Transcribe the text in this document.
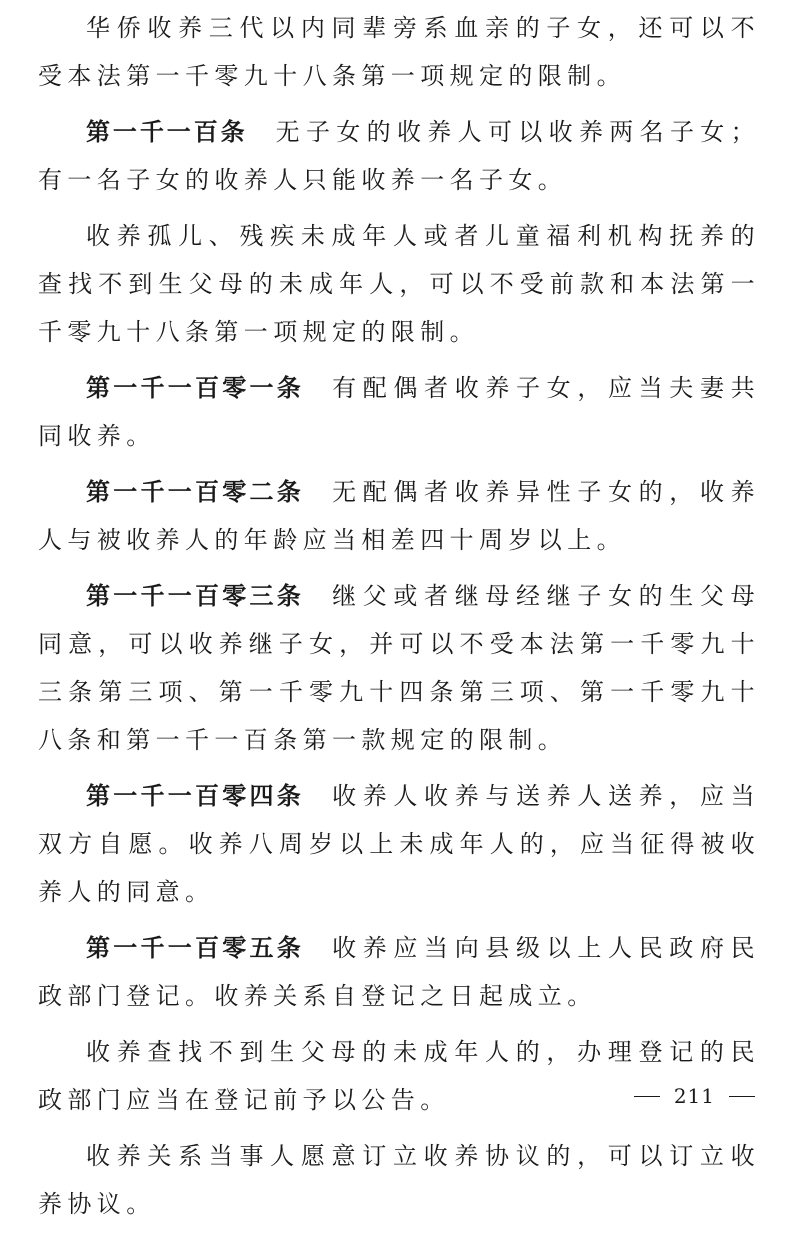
华侨收养三代以内同辈旁系血亲的子女，还可以不受本法第一千零九十八条第一项规定的限制。

第一千一百条 无子女的收养人可以收养两名子女；有一名子女的收养人只能收养一名子女。

收养孤儿、残疾未成年人或者儿童福利机构抚养的查找不到生父母的未成年人，可以不受前款和本法第一千零九十八条第一项规定的限制。

第一千一百零一条 有配偶者收养子女，应当夫妻共同收养。

第一千一百零二条 无配偶者收养异性子女的，收养人与被收养人的年龄应当相差四十周岁以上。

第一千一百零三条 继父或者继母经继子女的生父母同意，可以收养继子女，并可以不受本法第一千零九十三条第三项、第一千零九十四条第三项、第一千零九十八条和第一千一百条第一款规定的限制。

第一千一百零四条 收养人收养与送养人送养，应当双方自愿。收养八周岁以上未成年人的，应当征得被收养人的同意。

第一千一百零五条 收养应当向县级以上人民政府民政部门登记。收养关系自登记之日起成立。

收养查找不到生父母的未成年人的，办理登记的民政部门应当在登记前予以公告。

收养关系当事人愿意订立收养协议的，可以订立收养协议。

211
